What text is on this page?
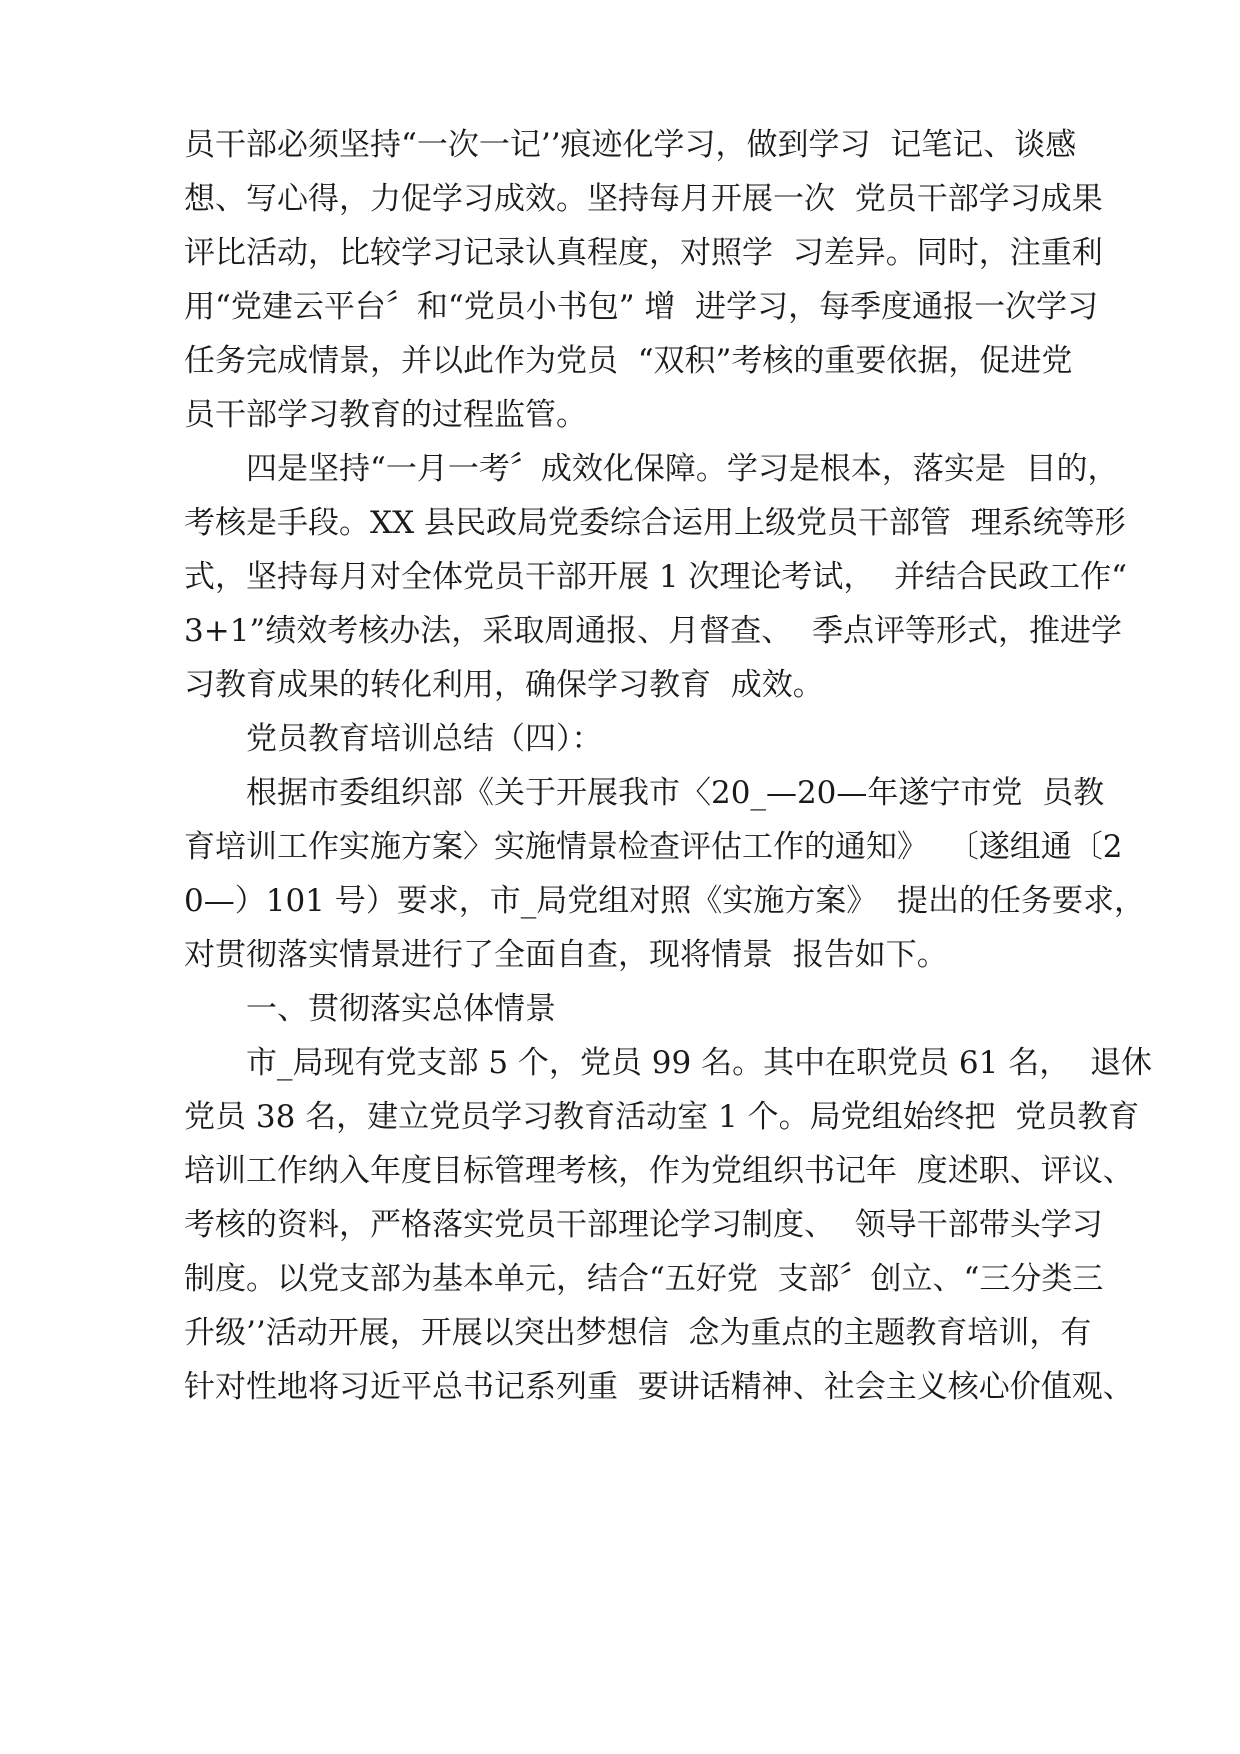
员干部必须坚持“一次一记’’痕迹化学习，做到学习  记笔记、谈感
想、写心得，力促学习成效。坚持每月开展一次  党员干部学习成果
评比活动，比较学习记录认真程度，对照学  习差异。同时，注重利
用“党建云平台〞和“党员小书包” 增  进学习，每季度通报一次学习
任务完成情景，并以此作为党员  “双积”考核的重要依据，促进党
员干部学习教育的过程监管。
四是坚持“一月一考〞成效化保障。学习是根本，落实是  目的，
考核是手段。XX 县民政局党委综合运用上级党员干部管  理系统等形
式，坚持每月对全体党员干部开展 1 次理论考试，  并结合民政工作“
3+1”绩效考核办法，采取周通报、月督查、  季点评等形式，推进学
习教育成果的转化利用，确保学习教育  成效。
党员教育培训总结（四）：
根据市委组织部《关于开展我市〈20_—20—年遂宁市党  员教
育培训工作实施方案〉实施情景检查评估工作的通知》  〔遂组通〔2
0—）101 号）要求，市_局党组对照《实施方案》  提出的任务要求，
对贯彻落实情景进行了全面自查，现将情景  报告如下。
一、贯彻落实总体情景
市_局现有党支部 5 个，党员 99 名。其中在职党员 61 名，  退休
党员 38 名，建立党员学习教育活动室 1 个。局党组始终把  党员教育
培训工作纳入年度目标管理考核，作为党组织书记年  度述职、评议、
考核的资料，严格落实党员干部理论学习制度、  领导干部带头学习
制度。以党支部为基本单元，结合“五好党  支部〞创立、“三分类三
升级’’活动开展，开展以突出梦想信  念为重点的主题教育培训，有
针对性地将习近平总书记系列重  要讲话精神、社会主义核心价值观、
